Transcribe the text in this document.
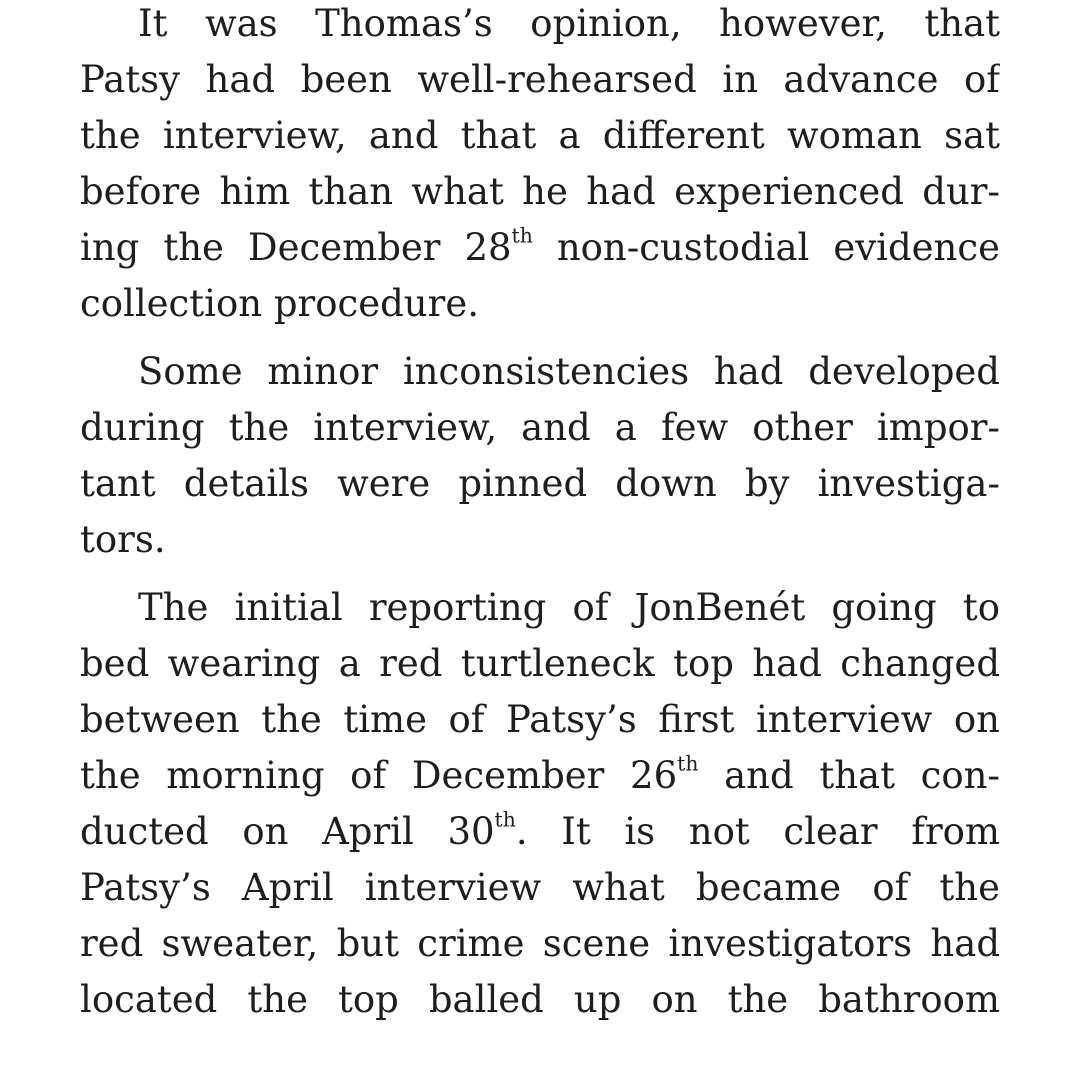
It was Thomas’s opinion, however, that
Patsy had been well-rehearsed in advance of
the interview, and that a different woman sat
before him than what he had experienced dur-
ing the December 28th non-custodial evidence
collection procedure.
Some minor inconsistencies had developed
during the interview, and a few other impor-
tant details were pinned down by investiga-
tors.
The initial reporting of JonBenét going to
bed wearing a red turtleneck top had changed
between the time of Patsy’s first interview on
the morning of December 26th and that con-
ducted on April 30th. It is not clear from
Patsy’s April interview what became of the
red sweater, but crime scene investigators had
located the top balled up on the bathroom
